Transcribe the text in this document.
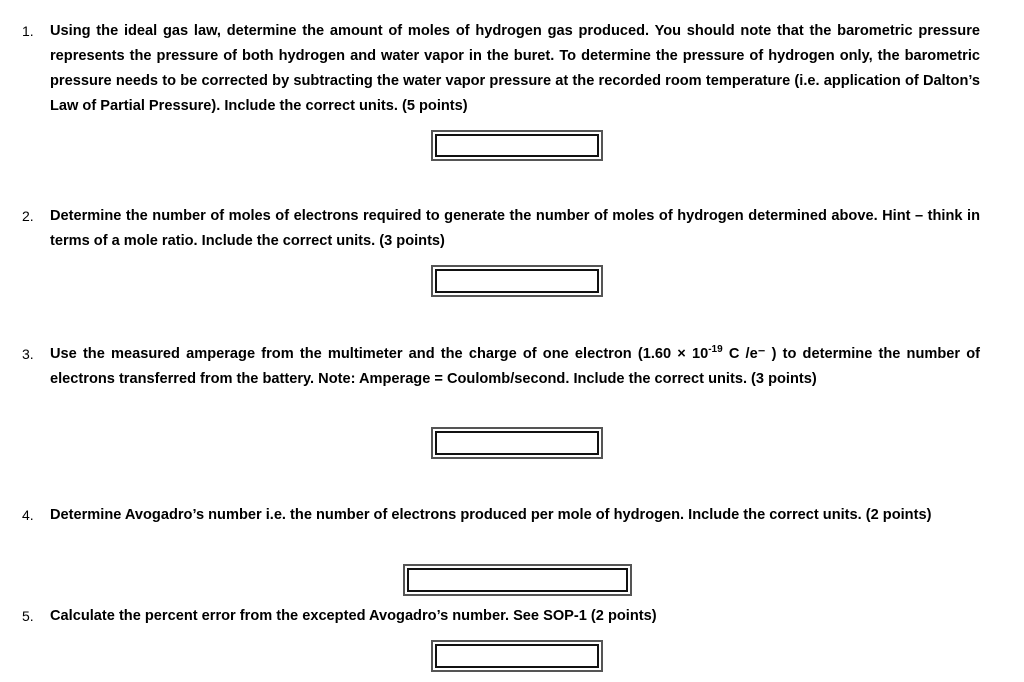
1. Using the ideal gas law, determine the amount of moles of hydrogen gas produced. You should note that the barometric pressure represents the pressure of both hydrogen and water vapor in the buret. To determine the pressure of hydrogen only, the barometric pressure needs to be corrected by subtracting the water vapor pressure at the recorded room temperature (i.e. application of Dalton’s Law of Partial Pressure). Include the correct units. (5 points)
2. Determine the number of moles of electrons required to generate the number of moles of hydrogen determined above. Hint – think in terms of a mole ratio. Include the correct units. (3 points)
3. Use the measured amperage from the multimeter and the charge of one electron ($1.60 \times 10^{-19}$ C /e⁻ ) to determine the number of electrons transferred from the battery. Note: Amperage = Coulomb/second. Include the correct units. (3 points)
4. Determine Avogadro’s number i.e. the number of electrons produced per mole of hydrogen. Include the correct units. (2 points)
5. Calculate the percent error from the excepted Avogadro’s number. See SOP-1 (2 points)
